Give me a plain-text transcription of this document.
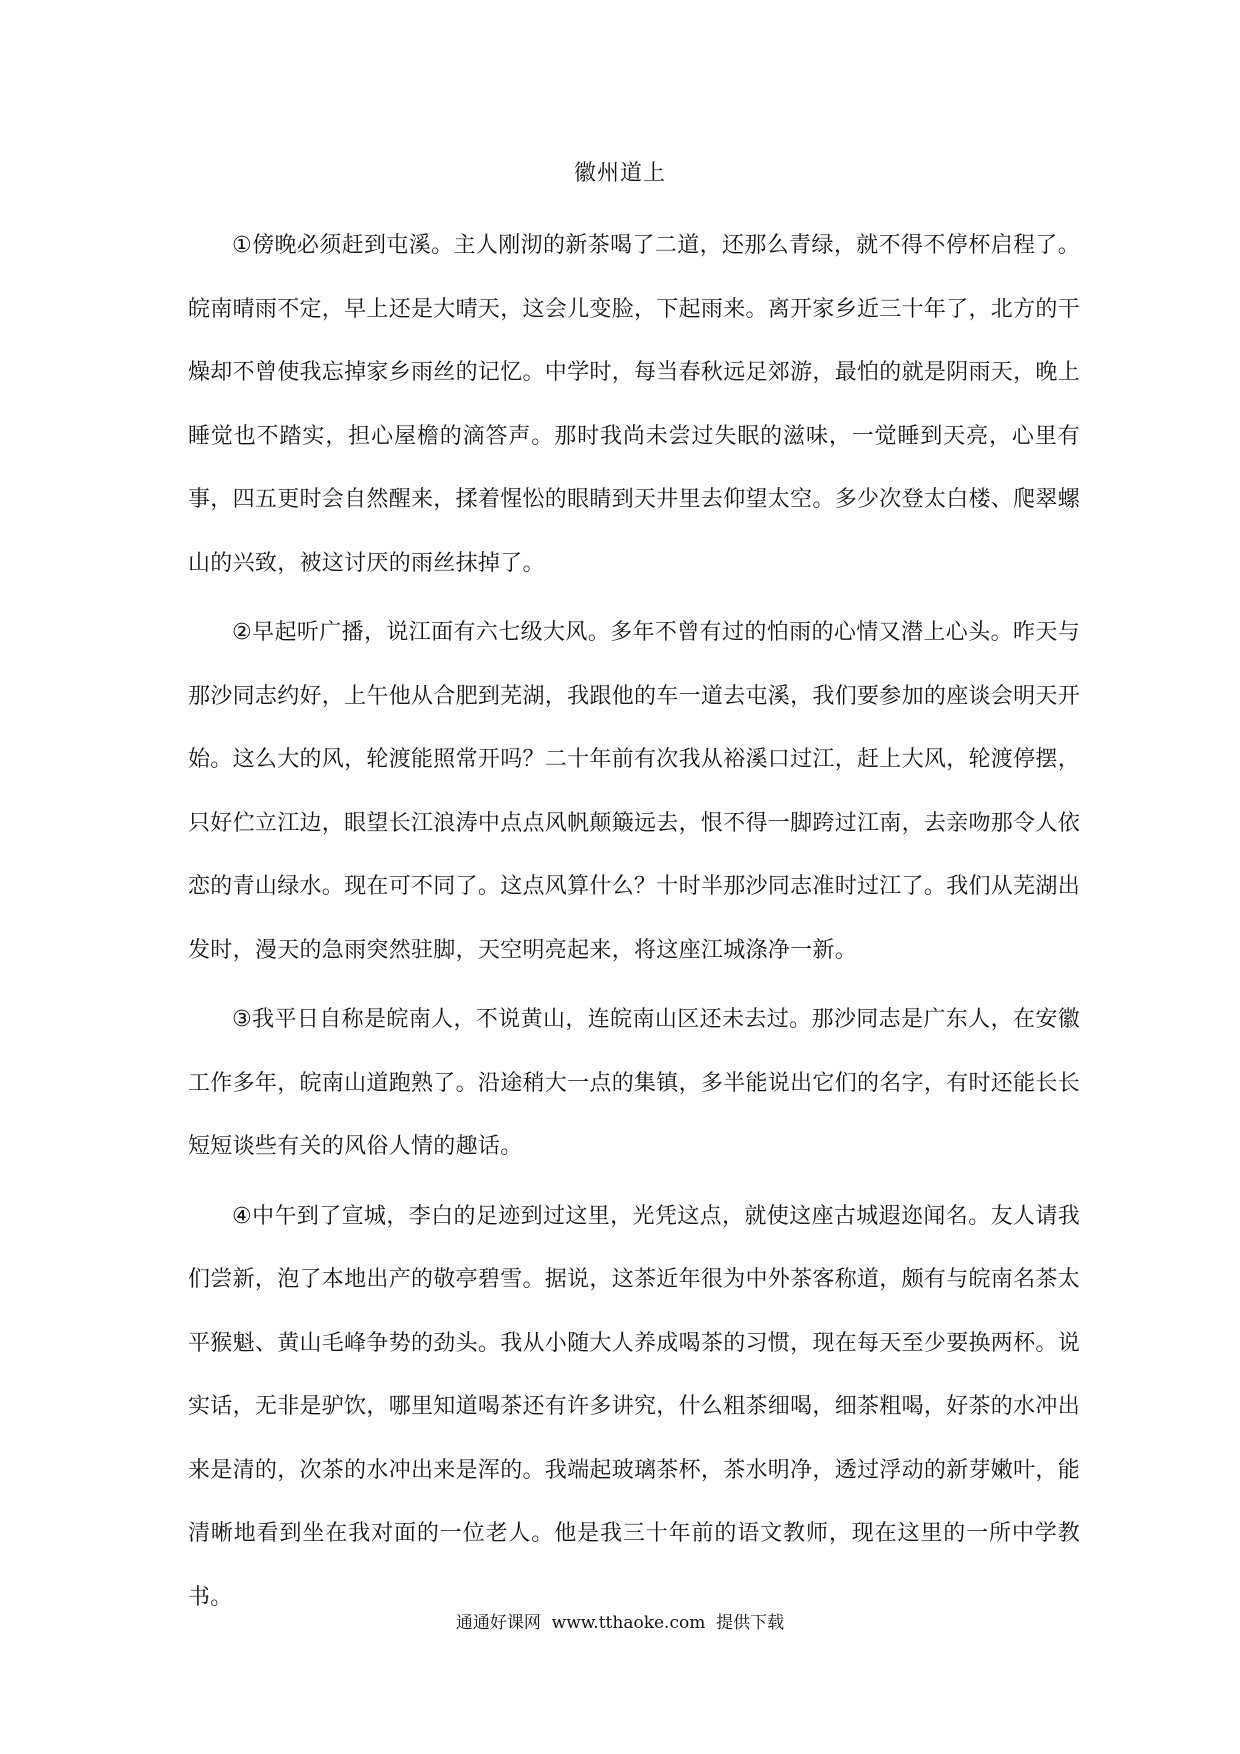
徽州道上

①傍晚必须赶到屯溪。主人刚沏的新茶喝了二道，还那么青绿，就不得不停杯启程了。皖南晴雨不定，早上还是大晴天，这会儿变脸，下起雨来。离开家乡近三十年了，北方的干燥却不曾使我忘掉家乡雨丝的记忆。中学时，每当春秋远足郊游，最怕的就是阴雨天，晚上睡觉也不踏实，担心屋檐的滴答声。那时我尚未尝过失眠的滋味，一觉睡到天亮，心里有事，四五更时会自然醒来，揉着惺忪的眼睛到天井里去仰望太空。多少次登太白楼、爬翠螺山的兴致，被这讨厌的雨丝抹掉了。

②早起听广播，说江面有六七级大风。多年不曾有过的怕雨的心情又潜上心头。昨天与那沙同志约好，上午他从合肥到芜湖，我跟他的车一道去屯溪，我们要参加的座谈会明天开始。这么大的风，轮渡能照常开吗？二十年前有次我从裕溪口过江，赶上大风，轮渡停摆，只好伫立江边，眼望长江浪涛中点点风帆颠簸远去，恨不得一脚跨过江南，去亲吻那令人依恋的青山绿水。现在可不同了。这点风算什么？十时半那沙同志准时过江了。我们从芜湖出发时，漫天的急雨突然驻脚，天空明亮起来，将这座江城涤净一新。

③我平日自称是皖南人，不说黄山，连皖南山区还未去过。那沙同志是广东人，在安徽工作多年，皖南山道跑熟了。沿途稍大一点的集镇，多半能说出它们的名字，有时还能长长短短谈些有关的风俗人情的趣话。

④中午到了宣城，李白的足迹到过这里，光凭这点，就使这座古城遐迩闻名。友人请我们尝新，泡了本地出产的敬亭碧雪。据说，这茶近年很为中外茶客称道，颇有与皖南名茶太平猴魁、黄山毛峰争势的劲头。我从小随大人养成喝茶的习惯，现在每天至少要换两杯。说实话，无非是驴饮，哪里知道喝茶还有许多讲究，什么粗茶细喝，细茶粗喝，好茶的水冲出来是清的，次茶的水冲出来是浑的。我端起玻璃茶杯，茶水明净，透过浮动的新芽嫩叶，能清晰地看到坐在我对面的一位老人。他是我三十年前的语文教师，现在这里的一所中学教书。

通通好课网  www.tthaoke.com  提供下载
